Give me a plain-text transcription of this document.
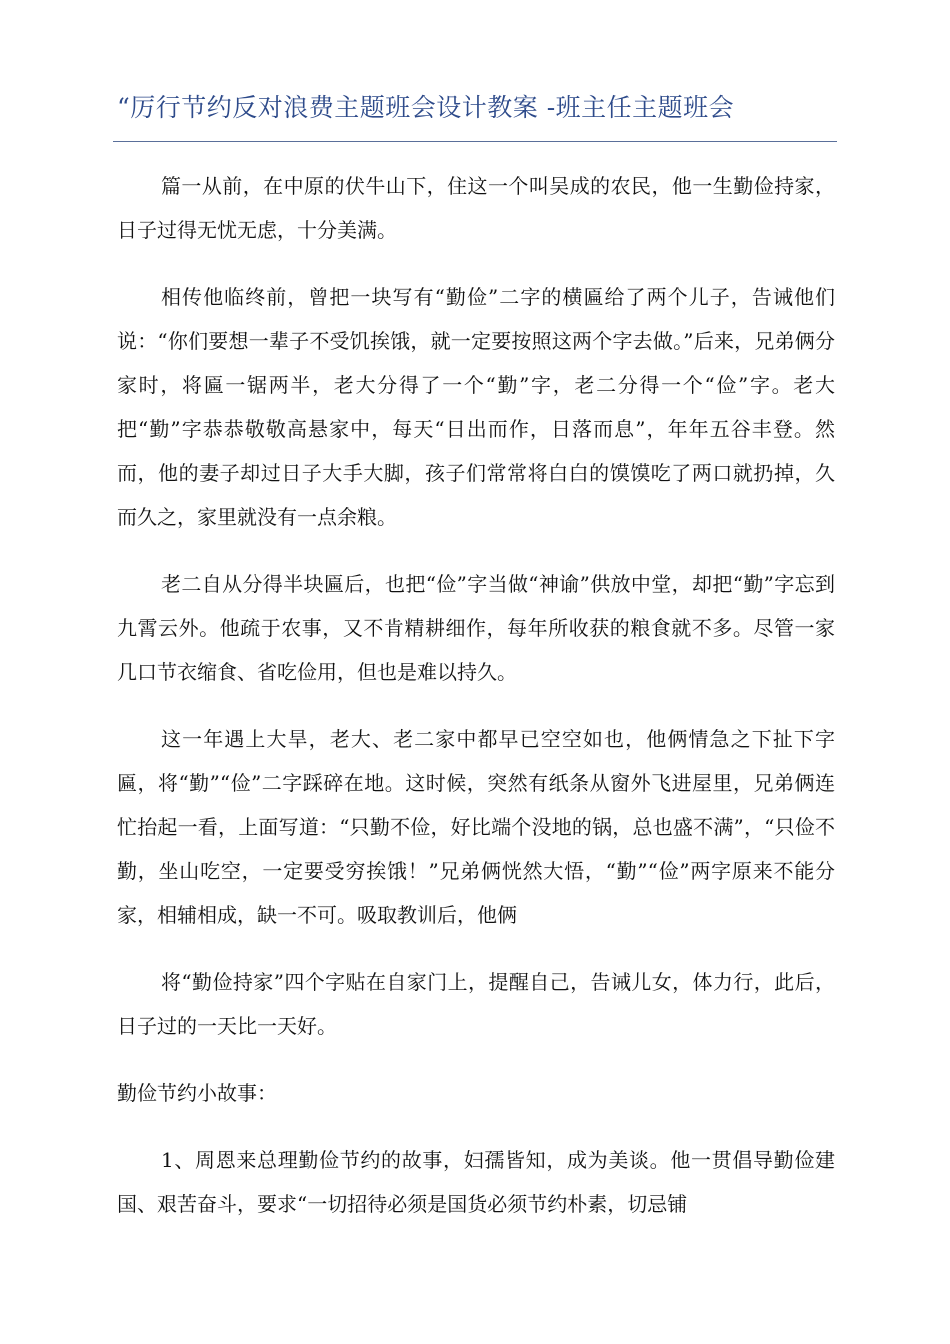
“厉行节约反对浪费主题班会设计教案 -班主任主题班会

篇一从前，在中原的伏牛山下，住这一个叫吴成的农民，他一生勤俭持家，日子过得无忧无虑，十分美满。

相传他临终前，曾把一块写有“勤俭”二字的横匾给了两个儿子，告诫他们说：“你们要想一辈子不受饥挨饿，就一定要按照这两个字去做。”后来，兄弟俩分家时，将匾一锯两半，老大分得了一个“勤”字，老二分得一个“俭”字。老大把“勤”字恭恭敬敬高悬家中，每天“日出而作，日落而息”，年年五谷丰登。然而，他的妻子却过日子大手大脚，孩子们常常将白白的馍馍吃了两口就扔掉，久而久之，家里就没有一点余粮。

老二自从分得半块匾后，也把“俭”字当做“神谕”供放中堂，却把“勤”字忘到九霄云外。他疏于农事，又不肯精耕细作，每年所收获的粮食就不多。尽管一家几口节衣缩食、省吃俭用，但也是难以持久。

这一年遇上大旱，老大、老二家中都早已空空如也，他俩情急之下扯下字匾，将“勤”“俭”二字踩碎在地。这时候，突然有纸条从窗外飞进屋里，兄弟俩连忙抬起一看，上面写道：“只勤不俭，好比端个没地的锅，总也盛不满”，“只俭不勤，坐山吃空，一定要受穷挨饿！”兄弟俩恍然大悟，“勤”“俭”两字原来不能分家，相辅相成，缺一不可。吸取教训后，他俩

将“勤俭持家”四个字贴在自家门上，提醒自己，告诫儿女，体力行，此后，日子过的一天比一天好。

勤俭节约小故事：

1、周恩来总理勤俭节约的故事，妇孺皆知，成为美谈。他一贯倡导勤俭建国、艰苦奋斗，要求“一切招待必须是国货必须节约朴素，切忌铺
